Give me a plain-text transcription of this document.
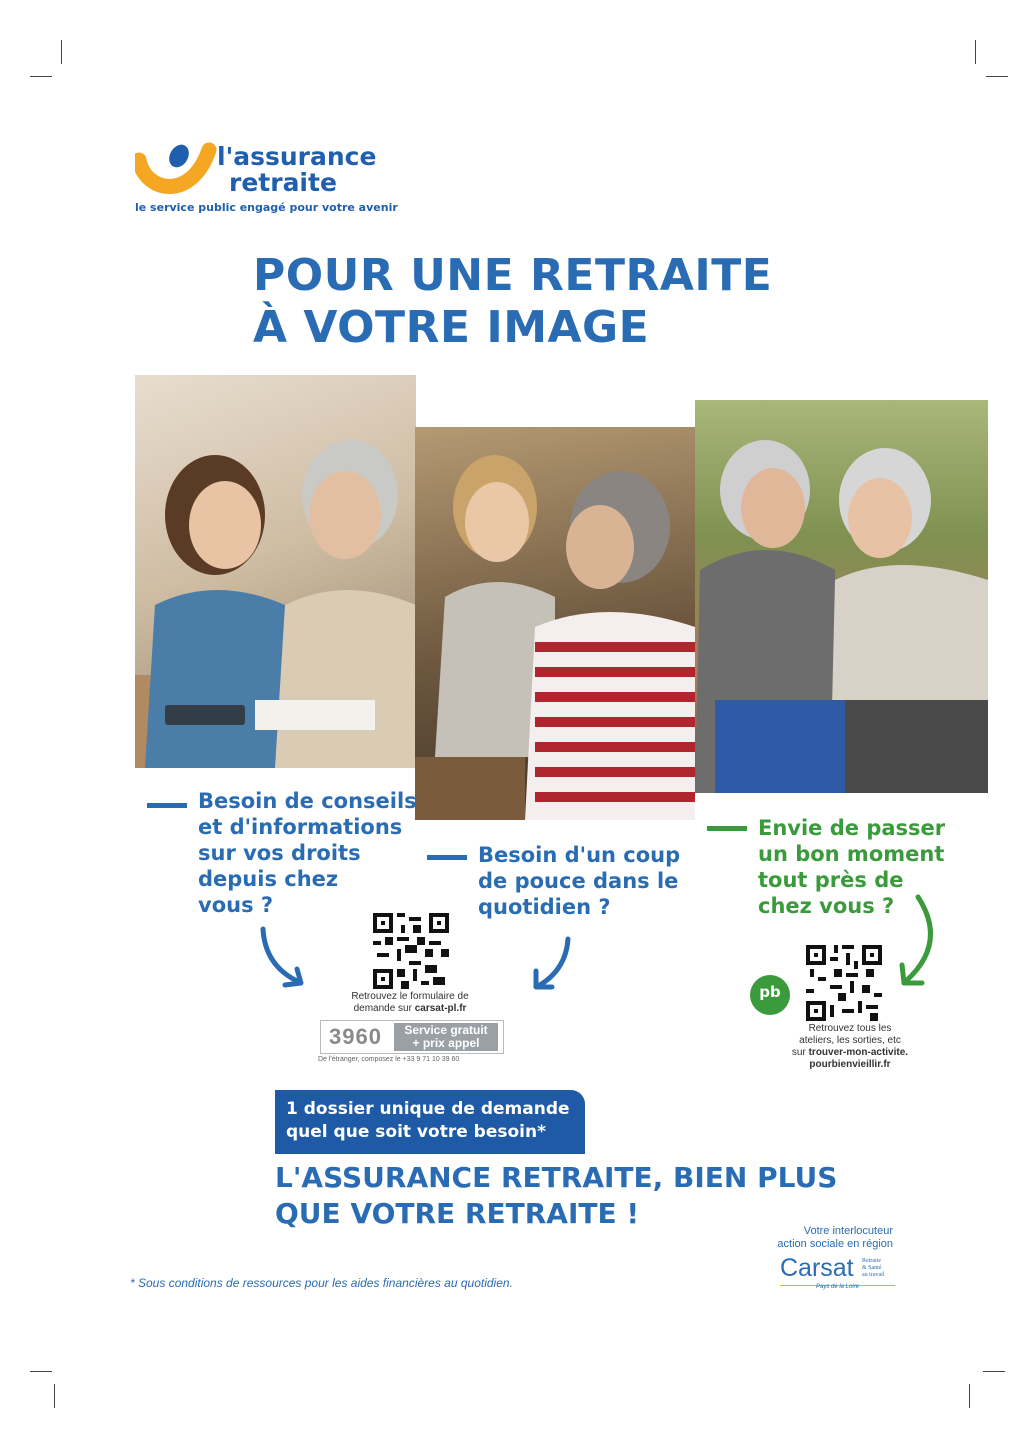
l'assurance
retraite
le service public engagé pour votre avenir
POUR UNE RETRAITE
À VOTRE IMAGE
Besoin de conseils
et d'informations
sur vos droits
depuis chez
vous ?
Besoin d'un coup
de pouce dans le
quotidien ?
Envie de passer
un bon moment
tout près de
chez vous ?
Retrouvez le formulaire de
demande sur carsat-pl.fr
3960	Service gratuit
+ prix appel
De l'étranger, composez le +33 9 71 10 39 60
pb
Retrouvez tous les
ateliers, les sorties, etc
sur trouver-mon-activite.
pourbienvieillir.fr
1 dossier unique de demande
quel que soit votre besoin*
L'ASSURANCE RETRAITE, BIEN PLUS
QUE VOTRE RETRAITE !
Votre interlocuteur
action sociale en région
Carsat Retraite
& Santé
au travail
Pays de la Loire
* Sous conditions de ressources pour les aides financières au quotidien.
